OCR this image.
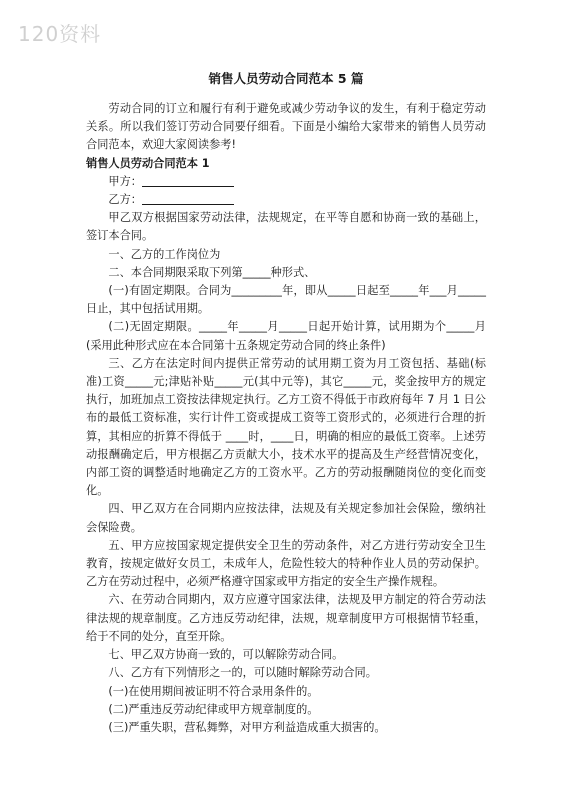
120资料
销售人员劳动合同范本 5 篇

劳动合同的订立和履行有利于避免或减少劳动争议的发生，有利于稳定劳动关系。所以我们签订劳动合同要仔细看。下面是小编给大家带来的销售人员劳动合同范本，欢迎大家阅读参考!

销售人员劳动合同范本 1

甲方：

乙方：

甲乙双方根据国家劳动法律，法规规定，在平等自愿和协商一致的基础上，签订本合同。

一、乙方的工作岗位为

二、本合同期限采取下列第_____种形式、

(一)有固定期限。合同为_________年，即从_____日起至_____年___月_____日止，其中包括试用期。

(二)无固定期限。_____年_____月_____日起开始计算，试用期为个_____月(采用此种形式应在本合同第十五条规定劳动合同的终止条件)

三、乙方在法定时间内提供正常劳动的试用期工资为月工资包括、基础(标准)工资_____元;津贴补贴_____元(其中元等)，其它_____元，奖金按甲方的规定执行，加班加点工资按法律规定执行。乙方工资不得低于市政府每年 7 月 1 日公布的最低工资标准，实行计件工资或提成工资等工资形式的，必须进行合理的折算，其相应的折算不得低于 ____时，____日，明确的相应的最低工资率。上述劳动报酬确定后，甲方根据乙方贡献大小，技术水平的提高及生产经营情况变化，内部工资的调整适时地确定乙方的工资水平。乙方的劳动报酬随岗位的变化而变化。

四、甲乙双方在合同期内应按法律，法规及有关规定参加社会保险，缴纳社会保险费。

五、甲方应按国家规定提供安全卫生的劳动条件，对乙方进行劳动安全卫生教育，按规定做好女员工，未成年人，危险性较大的特种作业人员的劳动保护。乙方在劳动过程中，必须严格遵守国家或甲方指定的安全生产操作规程。

六、在劳动合同期内，双方应遵守国家法律，法规及甲方制定的符合劳动法律法规的规章制度。乙方违反劳动纪律，法规，规章制度甲方可根据情节轻重，给于不同的处分，直至开除。

七、甲乙双方协商一致的，可以解除劳动合同。

八、乙方有下列情形之一的，可以随时解除劳动合同。

(一)在使用期间被证明不符合录用条件的。

(二)严重违反劳动纪律或甲方规章制度的。

(三)严重失职，营私舞弊，对甲方利益造成重大损害的。
